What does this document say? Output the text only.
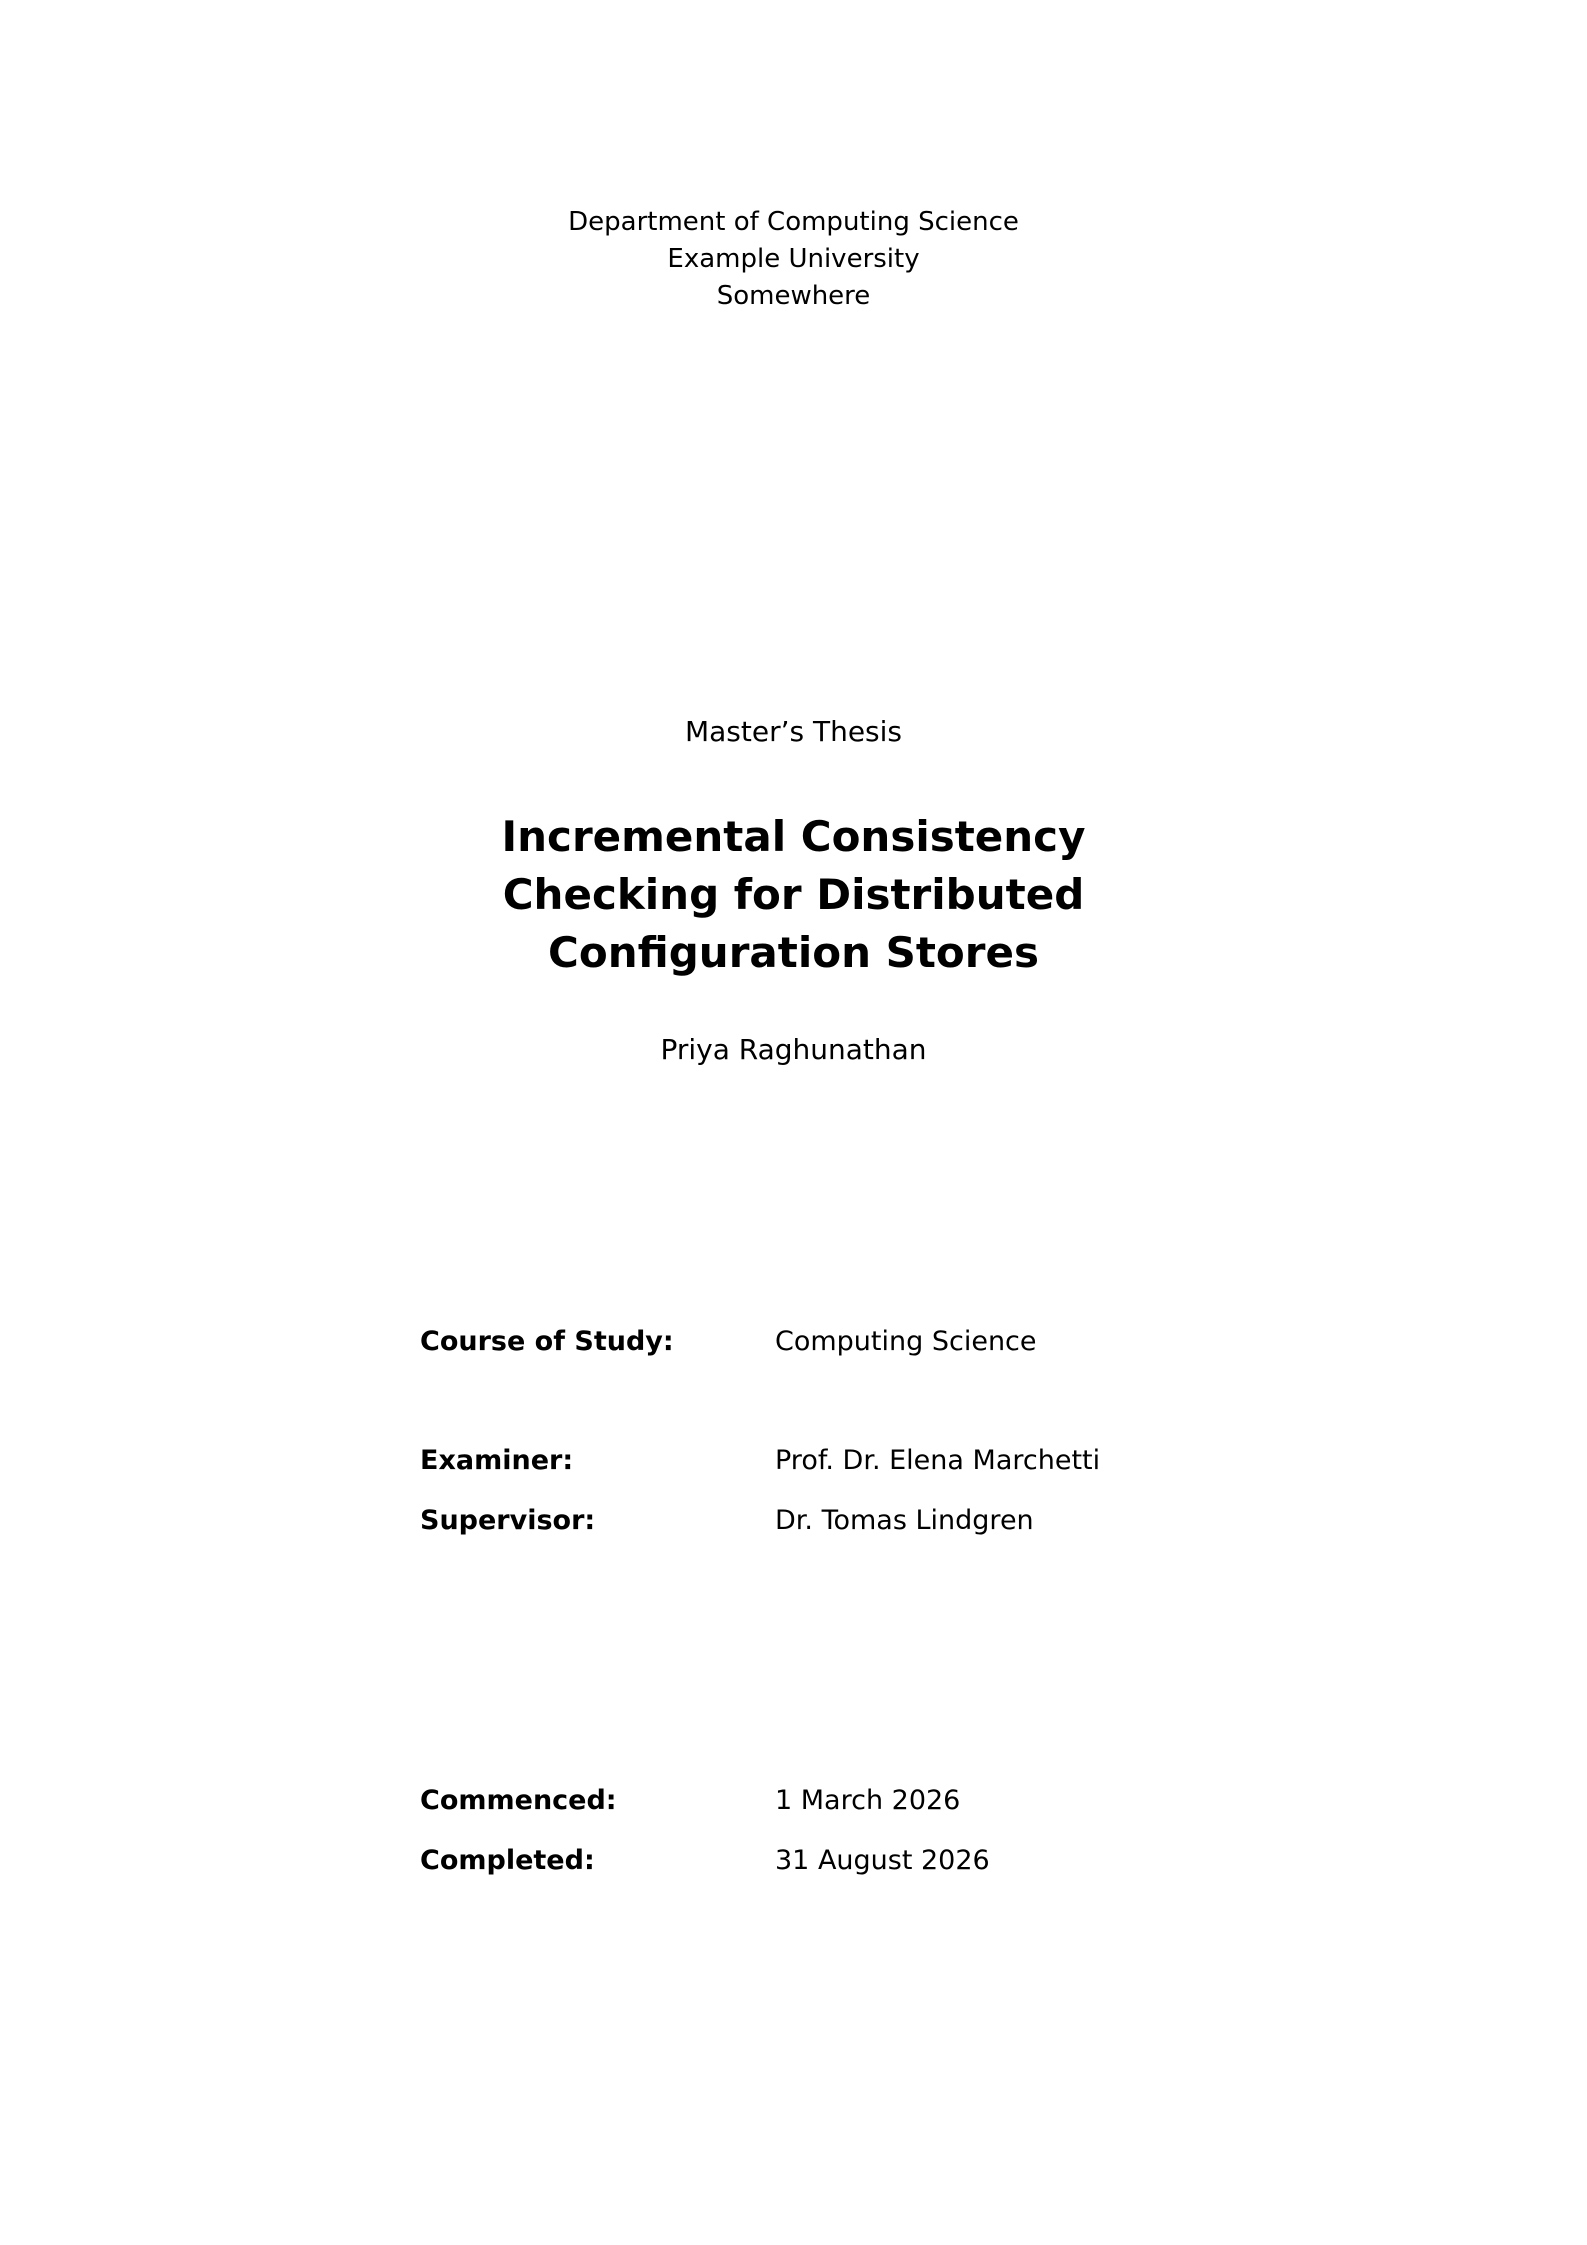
Department of Computing Science
Example University
Somewhere
Master’s Thesis
Incremental Consistency
Checking for Distributed
Configuration Stores
Priya Raghunathan
Course of Study:	Computing Science
Examiner:	Prof. Dr. Elena Marchetti
Supervisor:	Dr. Tomas Lindgren
Commenced:	1 March 2026
Completed:	31 August 2026
